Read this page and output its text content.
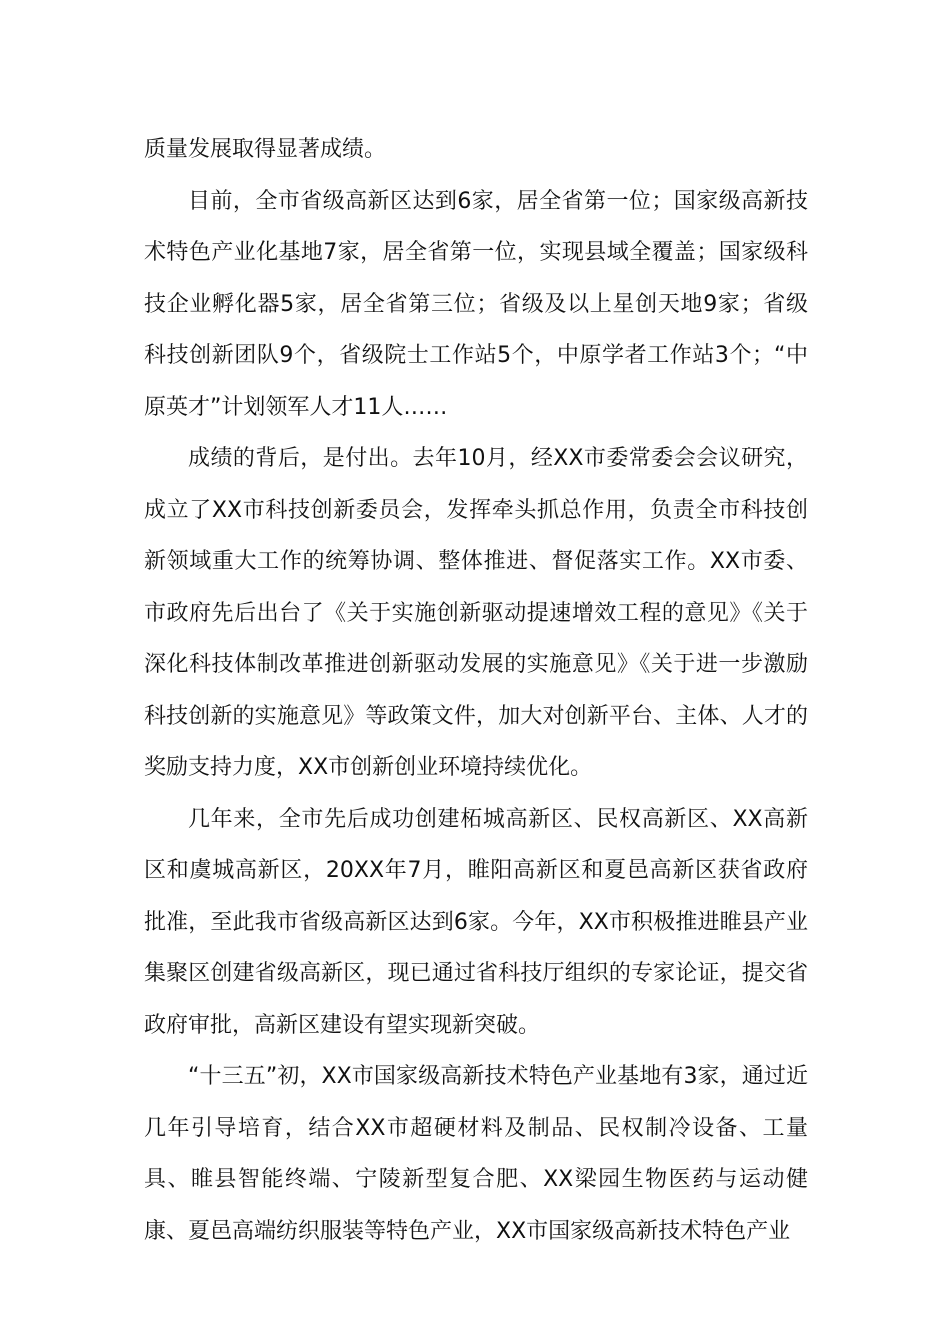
质量发展取得显著成绩。

目前，全市省级高新区达到6家，居全省第一位；国家级高新技术特色产业化基地7家，居全省第一位，实现县域全覆盖；国家级科技企业孵化器5家，居全省第三位；省级及以上星创天地9家；省级科技创新团队9个，省级院士工作站5个，中原学者工作站3个；“中原英才”计划领军人才11人……

成绩的背后，是付出。去年10月，经XX市委常委会会议研究，成立了XX市科技创新委员会，发挥牵头抓总作用，负责全市科技创新领域重大工作的统筹协调、整体推进、督促落实工作。XX市委、市政府先后出台了《关于实施创新驱动提速增效工程的意见》《关于深化科技体制改革推进创新驱动发展的实施意见》《关于进一步激励科技创新的实施意见》等政策文件，加大对创新平台、主体、人才的奖励支持力度，XX市创新创业环境持续优化。

几年来，全市先后成功创建柘城高新区、民权高新区、XX高新区和虞城高新区，20XX年7月，睢阳高新区和夏邑高新区获省政府批准，至此我市省级高新区达到6家。今年，XX市积极推进睢县产业集聚区创建省级高新区，现已通过省科技厅组织的专家论证，提交省政府审批，高新区建设有望实现新突破。

“十三五”初，XX市国家级高新技术特色产业基地有3家，通过近几年引导培育，结合XX市超硬材料及制品、民权制冷设备、工量具、睢县智能终端、宁陵新型复合肥、XX梁园生物医药与运动健康、夏邑高端纺织服装等特色产业，XX市国家级高新技术特色产业
